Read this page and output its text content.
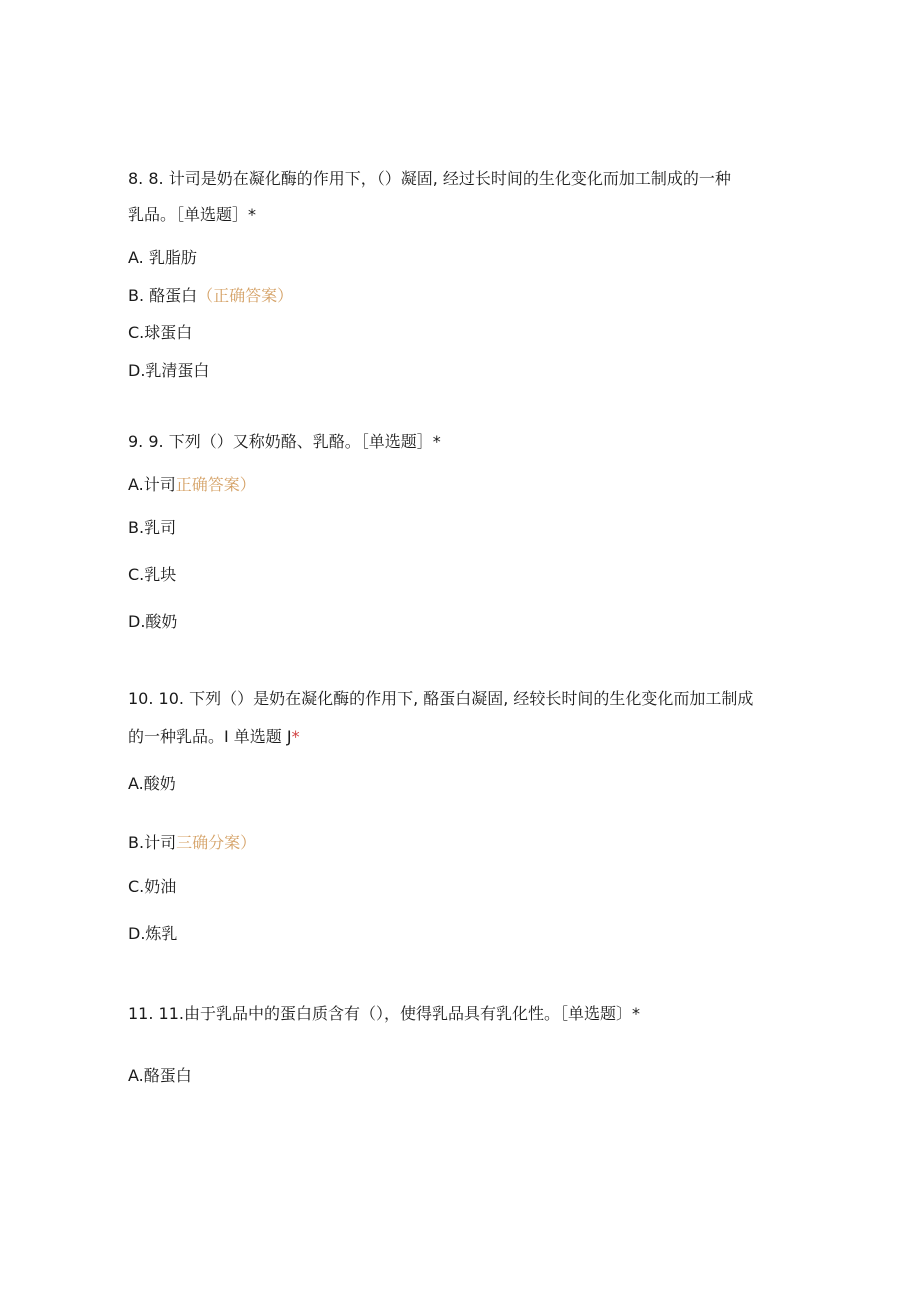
8. 8. 计司是奶在凝化酶的作用下，（）凝固, 经过长时间的生化变化而加工制成的一种
乳品。［单选题］*
A. 乳脂肪
B. 酪蛋白（正确答案）
C.球蛋白
D.乳清蛋白
9. 9. 下列（）又称奶酪、乳酪。［单选题］*
A.计司正确答案）
B.乳司
C.乳块
D.酸奶
10. 10. 下列（）是奶在凝化酶的作用下, 酪蛋白凝固, 经较长时间的生化变化而加工制成
的一种乳品。I 单选题 J*
A.酸奶
B.计司三确分案）
C.奶油
D.炼乳
11. 11.由于乳品中的蛋白质含有（），使得乳品具有乳化性。［单选题〕*
A.酪蛋白
